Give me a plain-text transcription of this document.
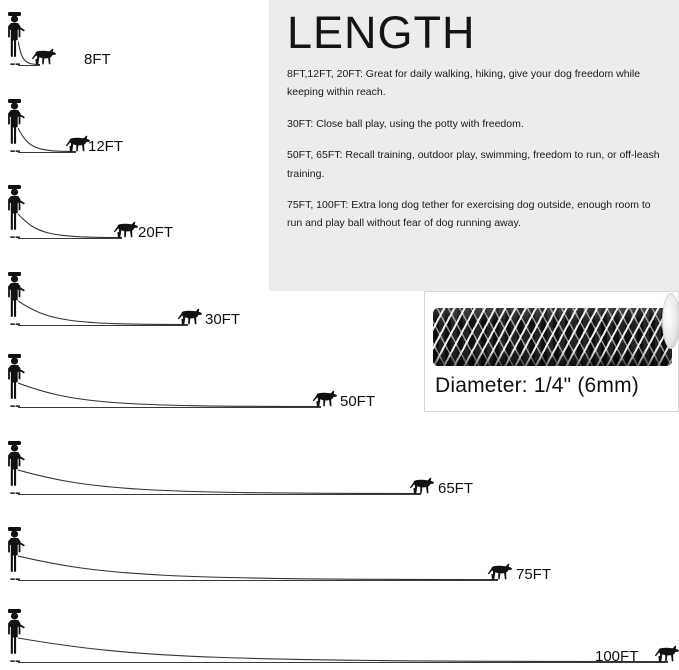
LENGTH

8FT,12FT, 20FT: Great for daily walking, hiking, give your dog freedom while keeping within reach.

30FT: Close ball play, using the potty with freedom.

50FT, 65FT: Recall training, outdoor play, swimming, freedom to run, or off-leash training.

75FT, 100FT: Extra long dog tether for exercising dog outside, enough room to run and play ball without fear of dog running away.

Diameter: 1/4" (6mm)
8FT
12FT
20FT
30FT
50FT
65FT
75FT
100FT
